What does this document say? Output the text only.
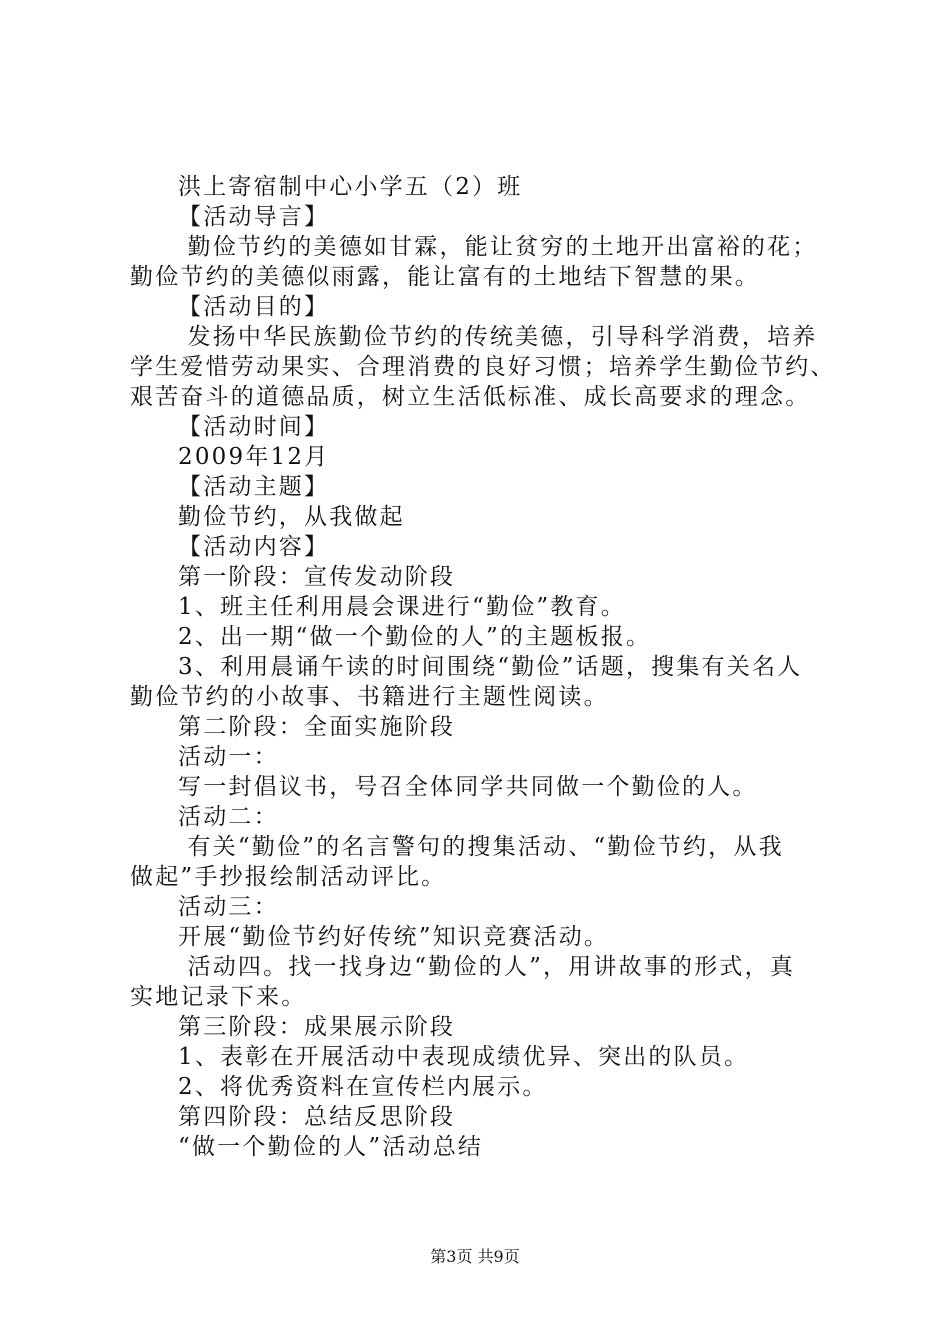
洪上寄宿制中心小学五（2）班
【活动导言】
勤俭节约的美德如甘霖，能让贫穷的土地开出富裕的花；
勤俭节约的美德似雨露，能让富有的土地结下智慧的果。
【活动目的】
发扬中华民族勤俭节约的传统美德，引导科学消费，培养
学生爱惜劳动果实、合理消费的良好习惯；培养学生勤俭节约、
艰苦奋斗的道德品质，树立生活低标准、成长高要求的理念。
【活动时间】
2009年12月
【活动主题】
勤俭节约，从我做起
【活动内容】
第一阶段：宣传发动阶段
1、班主任利用晨会课进行“勤俭”教育。
2、出一期“做一个勤俭的人”的主题板报。
3、利用晨诵午读的时间围绕“勤俭”话题，搜集有关名人
勤俭节约的小故事、书籍进行主题性阅读。
第二阶段：全面实施阶段
活动一：
写一封倡议书，号召全体同学共同做一个勤俭的人。
活动二：
有关“勤俭”的名言警句的搜集活动、“勤俭节约，从我
做起”手抄报绘制活动评比。
活动三：
开展“勤俭节约好传统”知识竞赛活动。
活动四。找一找身边“勤俭的人”，用讲故事的形式，真
实地记录下来。
第三阶段：成果展示阶段
1、表彰在开展活动中表现成绩优异、突出的队员。
2、将优秀资料在宣传栏内展示。
第四阶段：总结反思阶段
“做一个勤俭的人”活动总结
第3页 共9页
